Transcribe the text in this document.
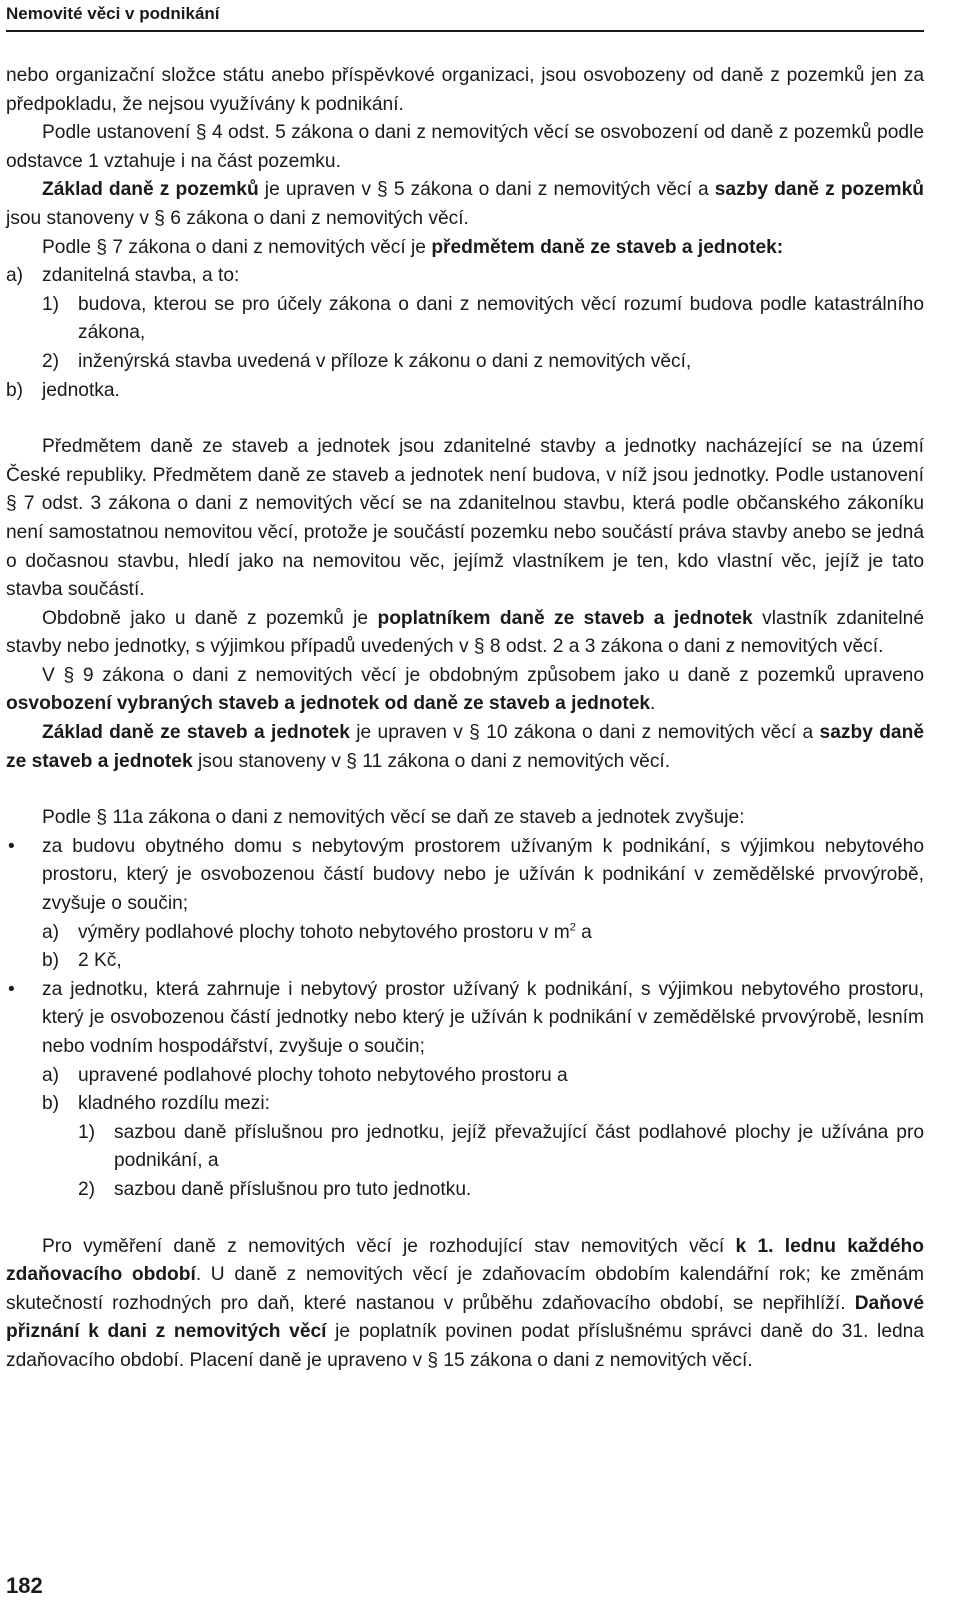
Nemovité věci v podnikání

nebo organizační složce státu anebo příspěvkové organizaci, jsou osvobozeny od daně z pozemků jen za předpokladu, že nejsou využívány k podnikání.

Podle ustanovení § 4 odst. 5 zákona o dani z nemovitých věcí se osvobození od daně z pozemků podle odstavce 1 vztahuje i na část pozemku.

Základ daně z pozemků je upraven v § 5 zákona o dani z nemovitých věcí a sazby daně z pozemků jsou stanoveny v § 6 zákona o dani z nemovitých věcí.

Podle § 7 zákona o dani z nemovitých věcí je předmětem daně ze staveb a jednotek:

a) zdanitelná stavba, a to:

1) budova, kterou se pro účely zákona o dani z nemovitých věcí rozumí budova podle katastrálního zákona,

2) inženýrská stavba uvedená v příloze k zákonu o dani z nemovitých věcí,

b) jednotka.

Předmětem daně ze staveb a jednotek jsou zdanitelné stavby a jednotky nacházející se na území České republiky. Předmětem daně ze staveb a jednotek není budova, v níž jsou jednotky. Podle ustanovení § 7 odst. 3 zákona o dani z nemovitých věcí se na zdanitelnou stavbu, která podle občanského zákoníku není samostatnou nemovitou věcí, protože je součástí pozemku nebo součástí práva stavby anebo se jedná o dočasnou stavbu, hledí jako na nemovitou věc, jejímž vlastníkem je ten, kdo vlastní věc, jejíž je tato stavba součástí.

Obdobně jako u daně z pozemků je poplatníkem daně ze staveb a jednotek vlastník zdanitelné stavby nebo jednotky, s výjimkou případů uvedených v § 8 odst. 2 a 3 zákona o dani z nemovitých věcí.

V § 9 zákona o dani z nemovitých věcí je obdobným způsobem jako u daně z pozemků upraveno osvobození vybraných staveb a jednotek od daně ze staveb a jednotek.

Základ daně ze staveb a jednotek je upraven v § 10 zákona o dani z nemovitých věcí a sazby daně ze staveb a jednotek jsou stanoveny v § 11 zákona o dani z nemovitých věcí.

Podle § 11a zákona o dani z nemovitých věcí se daň ze staveb a jednotek zvyšuje:

• za budovu obytného domu s nebytovým prostorem užívaným k podnikání, s výjimkou nebytového prostoru, který je osvobozenou částí budovy nebo je užíván k podnikání v zemědělské prvovýrobě, zvyšuje o součin;

a) výměry podlahové plochy tohoto nebytového prostoru v $m^2$ a

b) 2 Kč,

• za jednotku, která zahrnuje i nebytový prostor užívaný k podnikání, s výjimkou nebytového prostoru, který je osvobozenou částí jednotky nebo který je užíván k podnikání v zemědělské prvovýrobě, lesním nebo vodním hospodářství, zvyšuje o součin;

a) upravené podlahové plochy tohoto nebytového prostoru a

b) kladného rozdílu mezi:

1) sazbou daně příslušnou pro jednotku, jejíž převažující část podlahové plochy je užívána pro podnikání, a

2) sazbou daně příslušnou pro tuto jednotku.

Pro vyměření daně z nemovitých věcí je rozhodující stav nemovitých věcí k 1. lednu každého zdaňovacího období. U daně z nemovitých věcí je zdaňovacím obdobím kalendářní rok; ke změnám skutečností rozhodných pro daň, které nastanou v průběhu zdaňovacího období, se nepřihlíží. Daňové přiznání k dani z nemovitých věcí je poplatník povinen podat příslušnému správci daně do 31. ledna zdaňovacího období. Placení daně je upraveno v § 15 zákona o dani z nemovitých věcí.

182
